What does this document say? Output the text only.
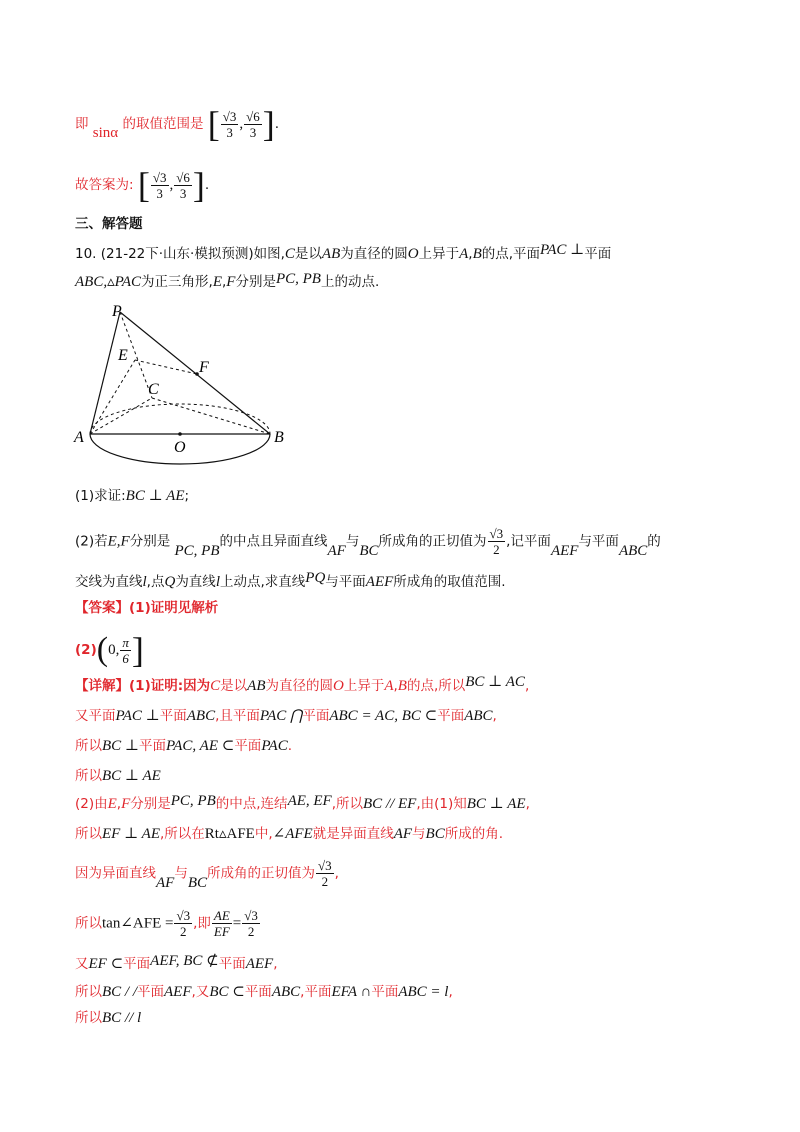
即 sinα 的取值范围是 [ $\frac{√3}{3}$ , $\frac{√6}{3}$ ].
故答案为: [ $\frac{√3}{3}$ , $\frac{√6}{3}$ ].
三、解答题
10. (21-22下·山东·模拟预测)如图,C是以AB为直径的圆O上异于A,B的点,平面PAC ⊥平面
ABC,▵PAC为正三角形,E,F分别是PC, PB上的动点.
P
E
F
C
A
O
B
(1)求证:BC ⊥ AE;
(2)若E,F分别是 PC, PB的中点且异面直线AF与BC所成角的正切值为 $\frac{√3}{2}$ ,记平面AEF与平面ABC的
交线为直线l,点Q为直线l上动点,求直线PQ与平面AEF所成角的取值范围.
【答案】(1)证明见解析
(2)(0, $\frac{\pi}{6}$ ]
【详解】(1)证明:因为C是以AB为直径的圆O上异于A,B的点,所以BC ⊥ AC,
又平面PAC ⊥平面ABC,且平面PAC ⋂平面ABC = AC, BC ⊂平面ABC,
所以BC ⊥平面PAC, AE ⊂平面PAC.
所以BC ⊥ AE
(2)由E,F分别是PC, PB的中点,连结AE, EF,所以BC // EF,由(1)知BC ⊥ AE,
所以EF ⊥ AE,所以在Rt▵AFE中,∠AFE就是异面直线AF与BC所成的角.
因为异面直线AF与BC所成角的正切值为 $\frac{√3}{2}$ ,
所以tan∠AFE = $\frac{√3}{2}$ ,即 $\frac{AE}{EF} = \frac{√3}{2}$
又EF ⊂平面AEF, BC ⊄平面AEF,
所以BC / /平面AEF,又BC ⊂平面ABC,平面EFA ∩平面ABC = l,
所以BC // l
